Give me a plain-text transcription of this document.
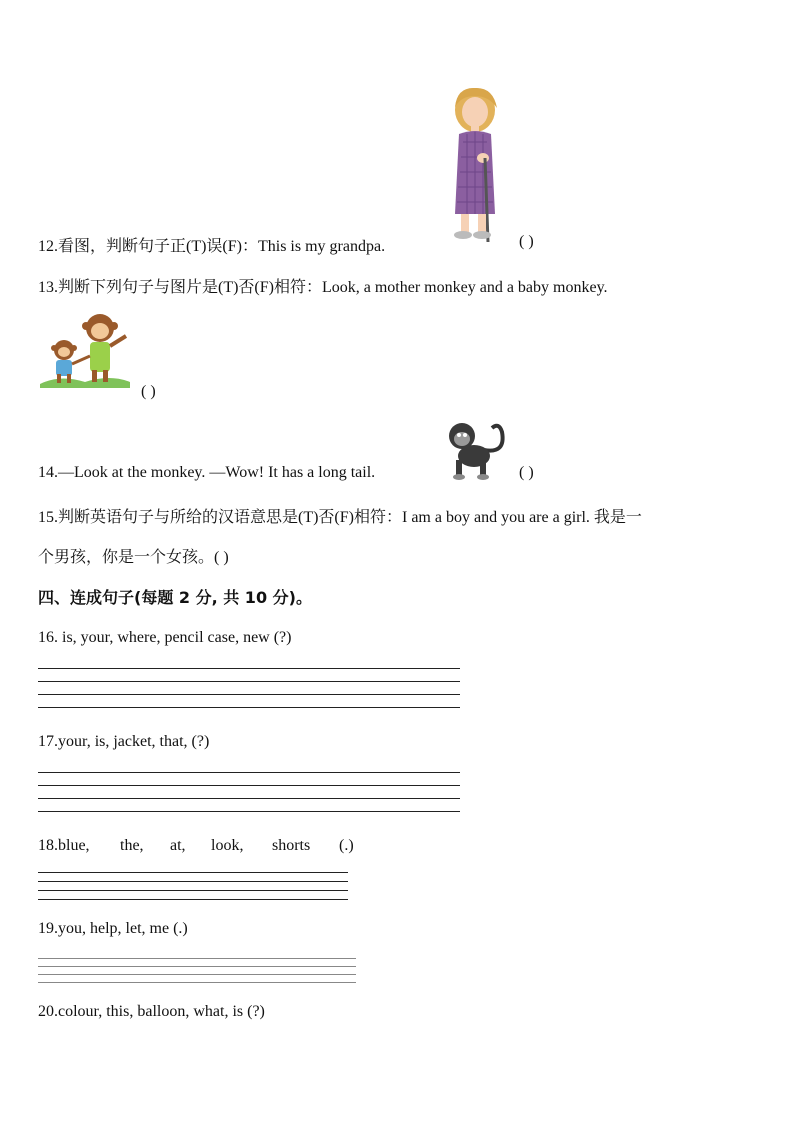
12.看图，判断句子正(T)误(F)：This is my grandpa.	( )
13.判断下列句子与图片是(T)否(F)相符：Look, a mother monkey and a baby monkey.
( )
14.—Look at the monkey. —Wow! It has a long tail.	( )
15.判断英语句子与所给的汉语意思是(T)否(F)相符：I am a boy and you are a girl. 我是一
个男孩，你是一个女孩。( )
四、连成句子(每题 2 分, 共 10 分)。
16. is, your, where, pencil case, new (?)
17.your, is, jacket, that, (?)
18.blue, the, at, look, shorts (.)
19.you, help, let, me (.)
20.colour, this, balloon, what, is (?)
